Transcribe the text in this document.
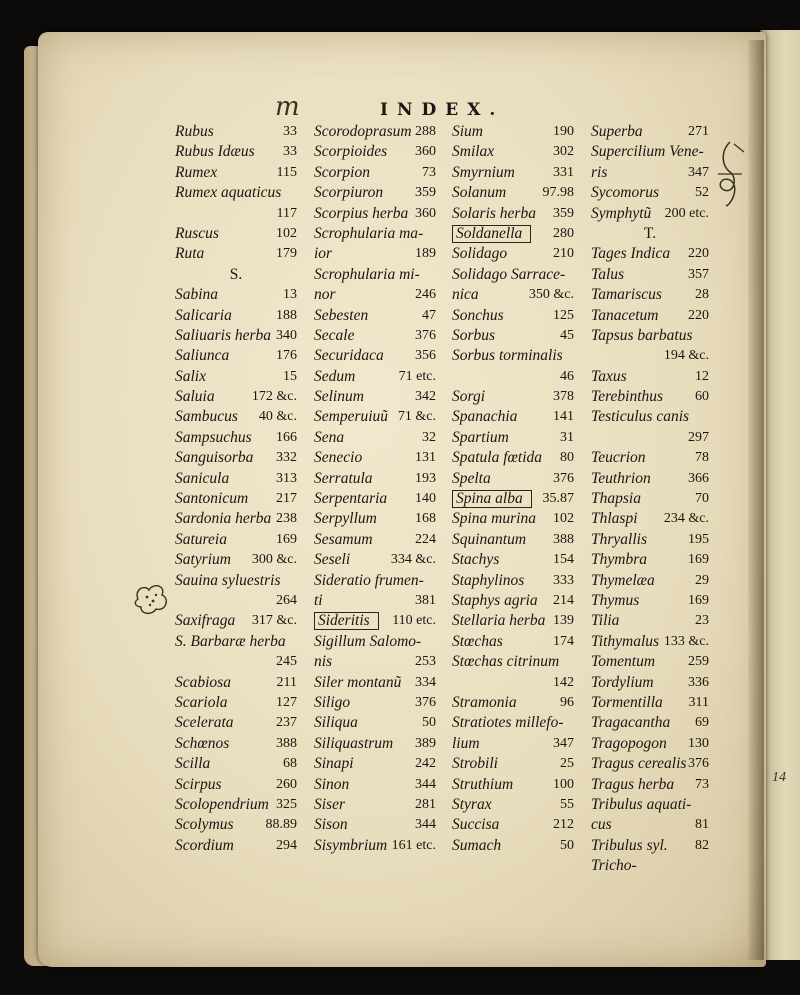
m	INDEX.
Rubus	33
Rubus Idæus 33
Rumex	115
Rumex aquaticus
117
Ruscus	102
Ruta	179
S.
Sabina	13
Salicaria	188
Saliuaris herba 340
Saliunca	176
Salix	15
Saluia	172 &c.
Sambucus 40 &c.
Sampsuchus 166
Sanguisorba 332
Sanicula	313
Santonicum 217
Sardonia herba 238
Satureia	169
Satyrium 300 &c.
Sauina syluestris
264
Saxifraga 317 &c.
S. Barbaræ herba
245
Scabiosa	211
Scariola	127
Scelerata	237
Schœnos	388
Scilla	68
Scirpus	260
Scolopendrium 325
Scolymus 88.89
Scordium	294
Scorodoprasum 288
Scorpioides 360
Scorpion	73
Scorpiuron 359
Scorpius herba 360
Scrophularia ma-
ior	189
Scrophularia mi-
nor	246
Sebesten	47
Secale	376
Securidaca 356
Sedum	71 etc.
Selinum	342
Semperuiuũ 71 &c.
Sena	32
Senecio	131
Serratula	193
Serpentaria 140
Serpyllum	168
Sesamum	224
Seseli	334 &c.
Sideratio frumen-
ti	381
Sideritis	110 etc.
Sigillum Salomo-
nis	253
Siler montanũ 334
Siligo	376
Siliqua	50
Siliquastrum 389
Sinapi	242
Sinon	344
Siser	281
Sison	344
Sisymbrium 161 etc.
Sium	190
Smilax	302
Smyrnium	331
Solanum	97.98
Solaris herba 359
Soldanella	280
Solidago	210
Solidago Sarrace-
nica	350 &c.
Sonchus	125
Sorbus	45
Sorbus torminalis
46
Sorgi	378
Spanachia	141
Spartium	31
Spatula fœtida 80
Spelta	376
Spina alba	35.87
Spina murina 102
Squinantum 388
Stachys	154
Staphylinos 333
Staphys agria 214
Stellaria herba 139
Stœchas	174
Stœchas citrinum
142
Stramonia	96
Stratiotes millefo-
lium	347
Strobili	25
Struthium	100
Styrax	55
Succisa	212
Sumach	50
Superba	271
Supercilium Vene-
ris	347
Sycomorus	52
Symphytũ 200 etc.
T.
Tages Indica 220
Talus	357
Tamariscus 28
Tanacetum 220
Tapsus barbatus
194 &c.
Taxus	12
Terebinthus 60
Testiculus canis
297
Teucrion	78
Teuthrion	366
Thapsia	70
Thlaspi 234 &c.
Thryallis	195
Thymbra	169
Thymelæa	29
Thymus	169
Tilia	23
Tithymalus 133 &c.
Tomentum 259
Tordylium 336
Tormentilla 311
Tragacantha 69
Tragopogon 130
Tragus cerealis 376
Tragus herba 73
Tribulus aquati-
cus	81
Tribulus syl. 82
Tricho-
14
